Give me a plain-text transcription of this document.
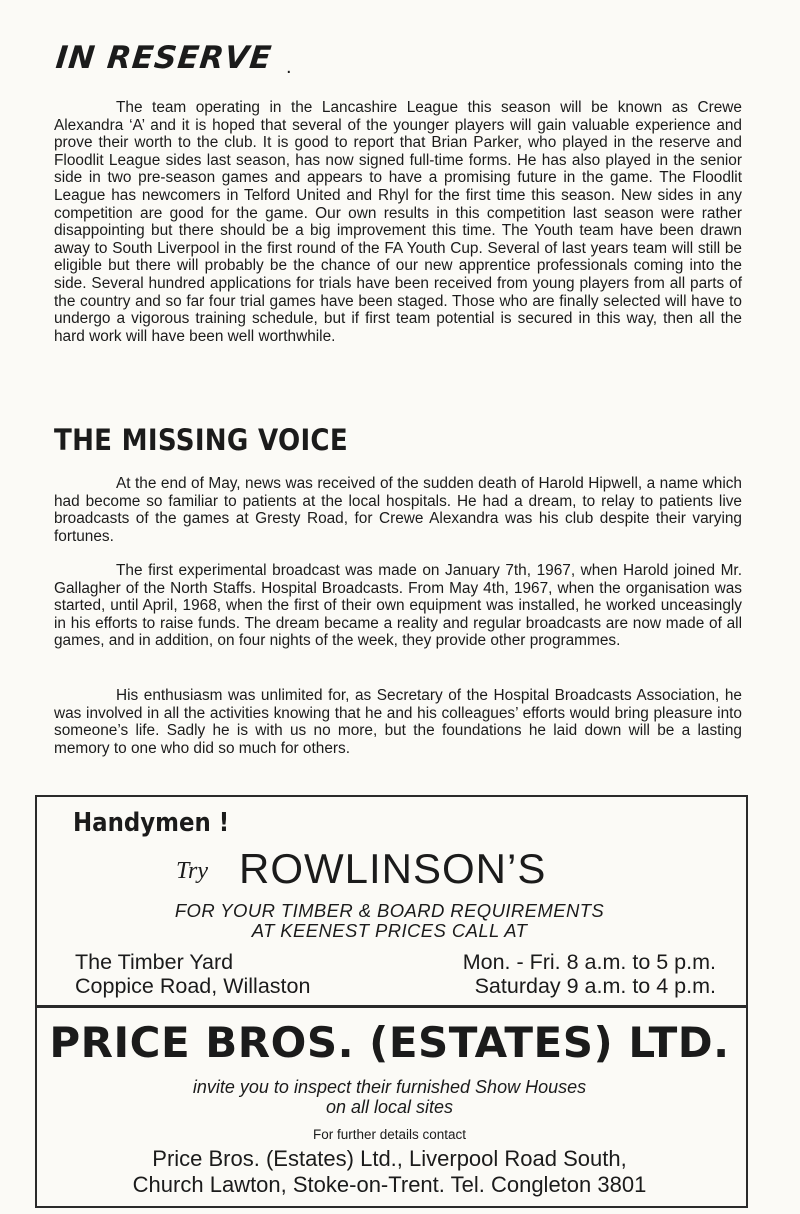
IN RESERVE .
The team operating in the Lancashire League this season will be known as Crewe Alexandra ‘A’ and it is hoped that several of the younger players will gain valuable experience and prove their worth to the club. It is good to report that Brian Parker, who played in the reserve and Floodlit League sides last season, has now signed full-time forms. He has also played in the senior side in two pre-season games and appears to have a promising future in the game. The Floodlit League has newcomers in Telford United and Rhyl for the first time this season. New sides in any competition are good for the game. Our own results in this competition last season were rather disappointing but there should be a big improvement this time. The Youth team have been drawn away to South Liverpool in the first round of the FA Youth Cup. Several of last years team will still be eligible but there will probably be the chance of our new apprentice professionals coming into the side. Several hundred applications for trials have been received from young players from all parts of the country and so far four trial games have been staged. Those who are finally selected will have to undergo a vigorous training schedule, but if first team potential is secured in this way, then all the hard work will have been well worthwhile.
THE MISSING VOICE
At the end of May, news was received of the sudden death of Harold Hipwell, a name which had become so familiar to patients at the local hospitals. He had a dream, to relay to patients live broadcasts of the games at Gresty Road, for Crewe Alexandra was his club despite their varying fortunes.
The first experimental broadcast was made on January 7th, 1967, when Harold joined Mr. Gallagher of the North Staffs. Hospital Broadcasts. From May 4th, 1967, when the organisation was started, until April, 1968, when the first of their own equipment was installed, he worked unceasingly in his efforts to raise funds. The dream became a reality and regular broadcasts are now made of all games, and in addition, on four nights of the week, they provide other programmes.
His enthusiasm was unlimited for, as Secretary of the Hospital Broadcasts Association, he was involved in all the activities knowing that he and his colleagues’ efforts would bring pleasure into someone’s life. Sadly he is with us no more, but the foundations he laid down will be a lasting memory to one who did so much for others.
Handymen !
Try ROWLINSON’S
FOR YOUR TIMBER & BOARD REQUIREMENTS
AT KEENEST PRICES CALL AT
The Timber Yard
Coppice Road, Willaston
Mon. - Fri. 8 a.m. to 5 p.m.
Saturday 9 a.m. to 4 p.m.
PRICE BROS. (ESTATES) LTD.
invite you to inspect their furnished Show Houses
on all local sites
For further details contact
Price Bros. (Estates) Ltd., Liverpool Road South,
Church Lawton, Stoke-on-Trent. Tel. Congleton 3801
